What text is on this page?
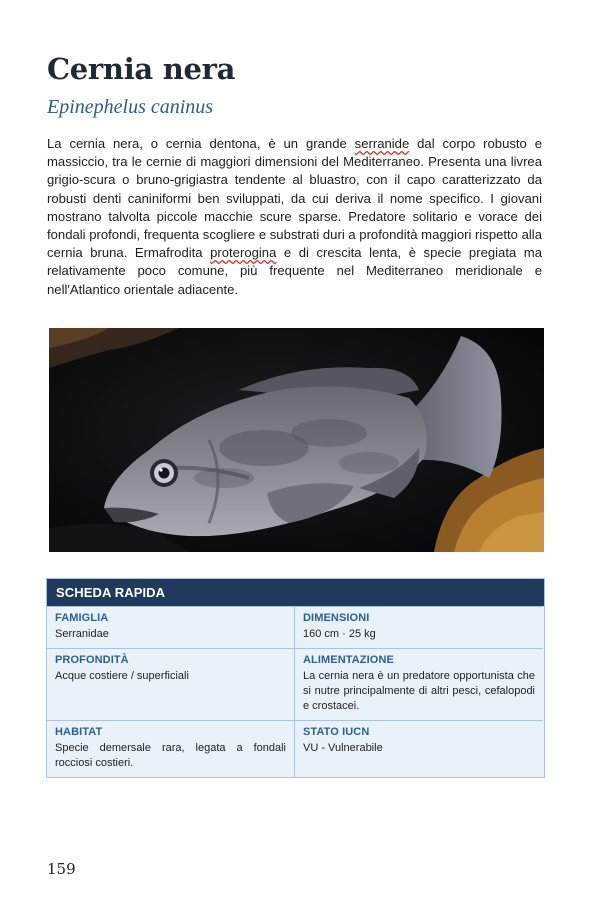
Cernia nera

Epinephelus caninus

La cernia nera, o cernia dentona, è un grande serranide dal corpo robusto e massiccio, tra le cernie di maggiori dimensioni del Mediterraneo. Presenta una livrea grigio-scura o bruno-grigiastra tendente al bluastro, con il capo caratterizzato da robusti denti caniniformi ben sviluppati, da cui deriva il nome specifico. I giovani mostrano talvolta piccole macchie scure sparse. Predatore solitario e vorace dei fondali profondi, frequenta scogliere e substrati duri a profondità maggiori rispetto alla cernia bruna. Ermafrodita proterogina e di crescita lenta, è specie pregiata ma relativamente poco comune, più frequente nel Mediterraneo meridionale e nell'Atlantico orientale adiacente.

SCHEDA RAPIDA
FAMIGLIA
Serranidae
DIMENSIONI
160 cm · 25 kg
PROFONDITÀ
Acque costiere / superficiali
ALIMENTAZIONE
La cernia nera è un predatore opportunista che si nutre principalmente di altri pesci, cefalopodi e crostacei.
HABITAT
Specie demersale rara, legata a fondali rocciosi costieri.
STATO IUCN
VU - Vulnerabile
159
